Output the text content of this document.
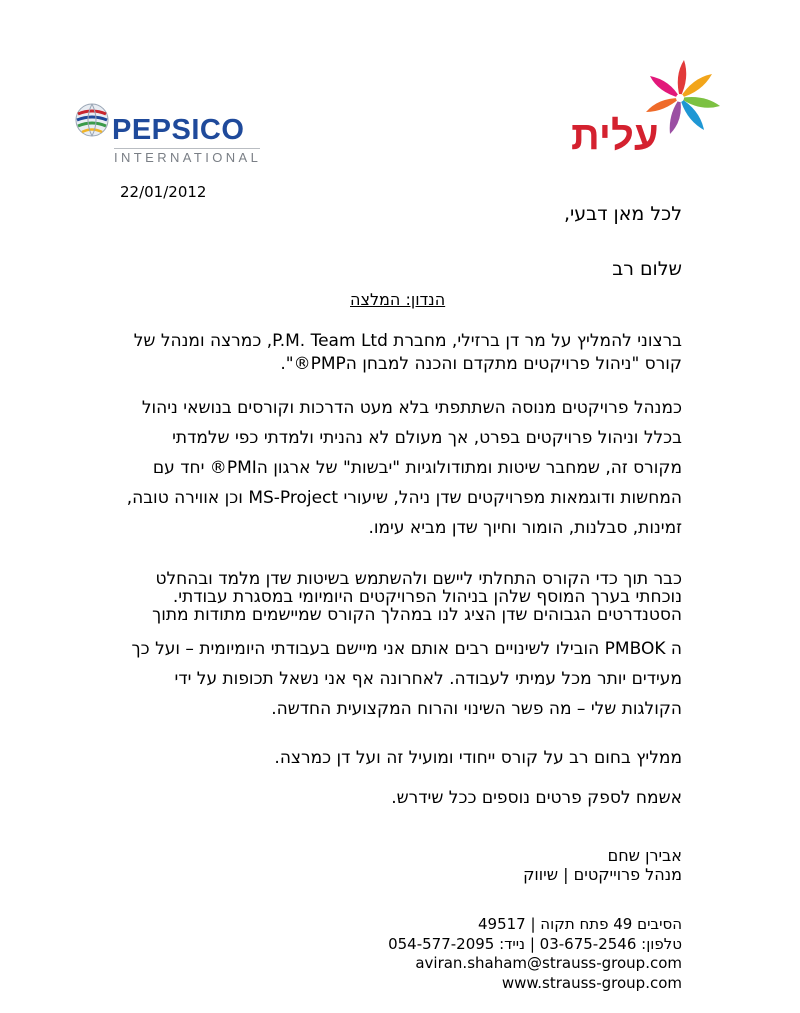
PEPSICO
INTERNATIONAL	עלית
22/01/2012
לכל מאן דבעי,
שלום רב
הנדון: המלצה
ברצוני להמליץ על מר דן ברזילי, מחברת P.M. Team Ltd, כמרצה ומנהל של
קורס "ניהול פרויקטים מתקדם והכנה למבחן הPMP®".
כמנהל פרויקטים מנוסה השתתפתי בלא מעט הדרכות וקורסים בנושאי ניהול
בכלל וניהול פרויקטים בפרט, אך מעולם לא נהניתי ולמדתי כפי שלמדתי
מקורס זה, שמחבר שיטות ומתודולוגיות "יבשות" של ארגון הPMI® יחד עם
המחשות ודוגמאות מפרויקטים שדן ניהל, שיעורי MS-Project וכן אווירה טובה,
זמינות, סבלנות, הומור וחיוך שדן מביא עימו.
כבר תוך כדי הקורס התחלתי ליישם ולהשתמש בשיטות שדן מלמד ובהחלט
נוכחתי בערך המוסף שלהן בניהול הפרויקטים היומיומי במסגרת עבודתי.
הסטנדרטים הגבוהים שדן הציג לנו במהלך הקורס שמיישמים מתודות מתוך
ה PMBOK הובילו לשינויים רבים אותם אני מיישם בעבודתי היומיומית – ועל כך
מעידים יותר מכל עמיתי לעבודה. לאחרונה אף אני נשאל תכופות על ידי
הקולגות שלי – מה פשר השינוי והרוח המקצועית החדשה.
ממליץ בחום רב על קורס ייחודי ומועיל זה ועל דן כמרצה.
אשמח לספק פרטים נוספים ככל שידרש.
אבירן שחם
מנהל פרוייקטים | שיווק
הסיבים 49 פתח תקוה | 49517
טלפון: 03-675-2546 | נייד: 054-577-2095
aviran.shaham@strauss-group.com
www.strauss-group.com
